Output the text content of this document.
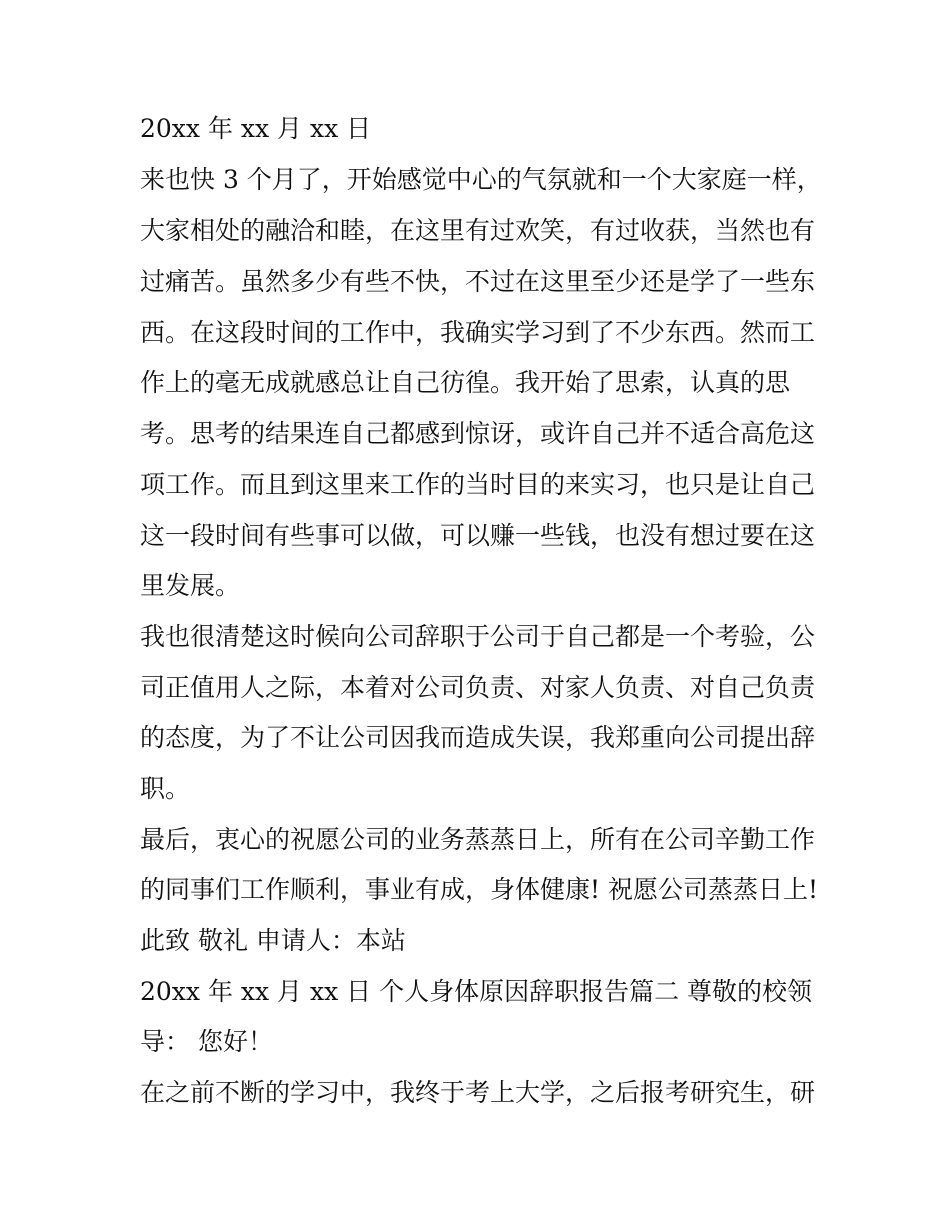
20xx 年 xx 月 xx 日
来也快 3 个月了，开始感觉中心的气氛就和一个大家庭一样，
大家相处的融洽和睦，在这里有过欢笑，有过收获，当然也有
过痛苦。虽然多少有些不快，不过在这里至少还是学了一些东
西。在这段时间的工作中，我确实学习到了不少东西。然而工
作上的毫无成就感总让自己彷徨。我开始了思索，认真的思
考。思考的结果连自己都感到惊讶，或许自己并不适合高危这
项工作。而且到这里来工作的当时目的来实习，也只是让自己
这一段时间有些事可以做，可以赚一些钱，也没有想过要在这
里发展。
我也很清楚这时候向公司辞职于公司于自己都是一个考验，公
司正值用人之际，本着对公司负责、对家人负责、对自己负责
的态度，为了不让公司因我而造成失误，我郑重向公司提出辞
职。
最后，衷心的祝愿公司的业务蒸蒸日上，所有在公司辛勤工作
的同事们工作顺利，事业有成，身体健康! 祝愿公司蒸蒸日上!
此致 敬礼 申请人：本站
20xx 年 xx 月 xx 日 个人身体原因辞职报告篇二 尊敬的校领
导： 您好！
在之前不断的学习中，我终于考上大学，之后报考研究生，研
